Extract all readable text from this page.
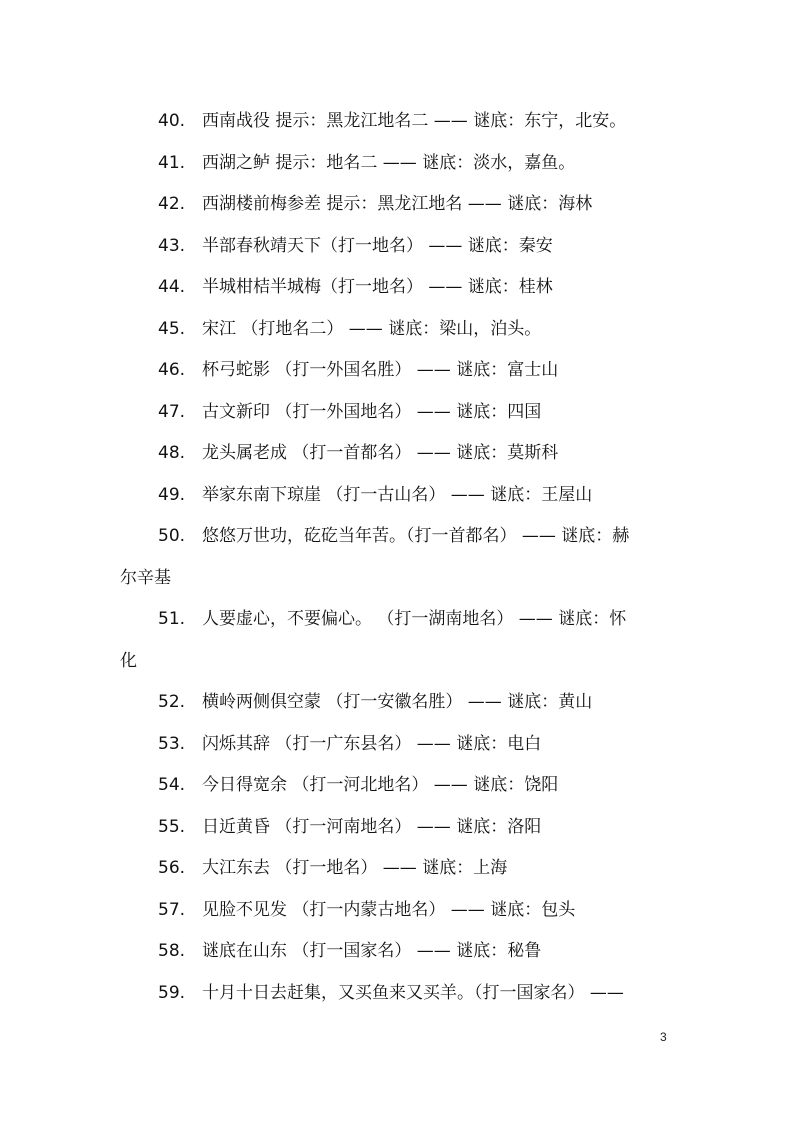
40. 西南战役 提示：黑龙江地名二 —— 谜底：东宁，北安。
41. 西湖之鲈 提示：地名二 —— 谜底：淡水，嘉鱼。
42. 西湖楼前梅参差 提示：黑龙江地名 —— 谜底：海林
43. 半部春秋靖天下（打一地名） —— 谜底：秦安
44. 半城柑桔半城梅（打一地名） —— 谜底：桂林
45. 宋江 （打地名二） —— 谜底：梁山，泊头。
46. 杯弓蛇影 （打一外国名胜） —— 谜底：富士山
47. 古文新印 （打一外国地名） —— 谜底：四国
48. 龙头属老成 （打一首都名） —— 谜底：莫斯科
49. 举家东南下琼崖 （打一古山名） —— 谜底：王屋山
50. 悠悠万世功，矻矻当年苦。（打一首都名） —— 谜底：赫
尔辛基
51. 人要虚心，不要偏心。 （打一湖南地名） —— 谜底：怀
化
52. 横岭两侧俱空蒙 （打一安徽名胜） —— 谜底：黄山
53. 闪烁其辞 （打一广东县名） —— 谜底：电白
54. 今日得宽余 （打一河北地名） —— 谜底：饶阳
55. 日近黄昏 （打一河南地名） —— 谜底：洛阳
56. 大江东去 （打一地名） —— 谜底：上海
57. 见脸不见发 （打一内蒙古地名） —— 谜底：包头
58. 谜底在山东 （打一国家名） —— 谜底：秘鲁
59. 十月十日去赶集，又买鱼来又买羊。（打一国家名） ——
3
